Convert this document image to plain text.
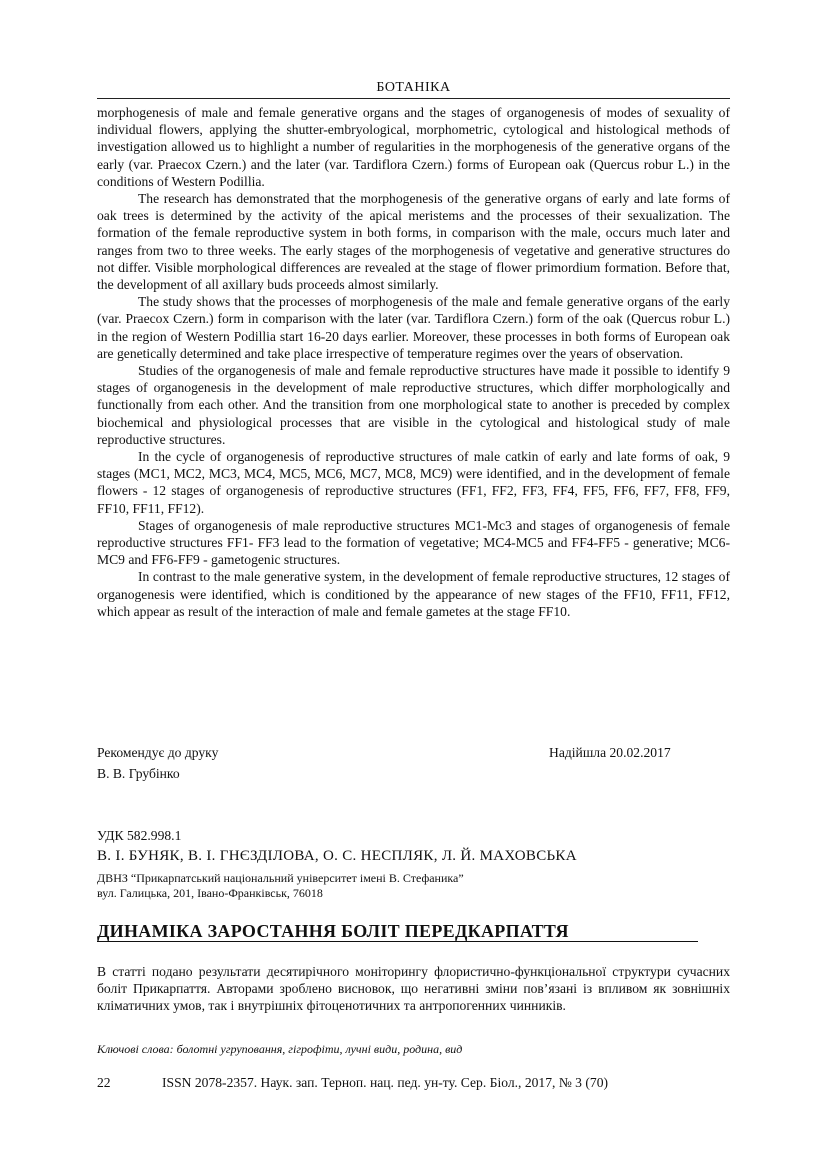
БОТАНІКА

morphogenesis of male and female generative organs and the stages of organogenesis of modes of sexuality of individual flowers, applying the shutter-embryological, morphometric, cytological and histological methods of investigation allowed us to highlight a number of regularities in the morphogenesis of the generative organs of the early (var. Praecox Czern.) and the later (var. Tardiflora Czern.) forms of European oak (Quercus robur L.) in the conditions of Western Podillia.

The research has demonstrated that the morphogenesis of the generative organs of early and late forms of oak trees is determined by the activity of the apical meristems and the processes of their sexualization. The formation of the female reproductive system in both forms, in comparison with the male, occurs much later and ranges from two to three weeks. The early stages of the morphogenesis of vegetative and generative structures do not differ. Visible morphological differences are revealed at the stage of flower primordium formation. Before that, the development of all axillary buds proceeds almost similarly.

The study shows that the processes of morphogenesis of the male and female generative organs of the early (var. Praecox Czern.) form in comparison with the later (var. Tardiflora Czern.) form of the oak (Quercus robur L.) in the region of Western Podillia start 16-20 days earlier. Moreover, these processes in both forms of European oak are genetically determined and take place irrespective of temperature regimes over the years of observation.

Studies of the organogenesis of male and female reproductive structures have made it possible to identify 9 stages of organogenesis in the development of male reproductive structures, which differ morphologically and functionally from each other. And the transition from one morphological state to another is preceded by complex biochemical and physiological processes that are visible in the cytological and histological study of male reproductive structures.

In the cycle of organogenesis of reproductive structures of male catkin of early and late forms of oak, 9 stages (MC1, MC2, MC3, MC4, MC5, MC6, MC7, MC8, MC9) were identified, and in the development of female flowers - 12 stages of organogenesis of reproductive structures (FF1, FF2, FF3, FF4, FF5, FF6, FF7, FF8, FF9, FF10, FF11, FF12).

Stages of organogenesis of male reproductive structures MC1-Mc3 and stages of organogenesis of female reproductive structures FF1- FF3 lead to the formation of vegetative; MC4-MC5 and FF4-FF5 - generative; MC6-MC9 and FF6-FF9 - gametogenic structures.

In contrast to the male generative system, in the development of female reproductive structures, 12 stages of organogenesis were identified, which is conditioned by the appearance of new stages of the FF10, FF11, FF12, which appear as result of the interaction of male and female gametes at the stage FF10.

Рекомендує до друку	Надійшла 20.02.2017
В. В. Грубінко
УДК 582.998.1
В. І. БУНЯК, В. І. ГНЄЗДІЛОВА, О. С. НЕСПЛЯК, Л. Й. МАХОВСЬКА
ДВНЗ “Прикарпатський національний університет імені В. Стефаника”
вул. Галицька, 201, Івано-Франківськ, 76018
ДИНАМІКА ЗАРОСТАННЯ БОЛІТ ПЕРЕДКАРПАТТЯ
В статті подано результати десятирічного моніторингу флористично-функціональної структури сучасних боліт Прикарпаття. Авторами зроблено висновок, що негативні зміни пов’язані із впливом як зовнішніх кліматичних умов, так і внутрішніх фітоценотичних та антропогенних чинників.
Ключові слова: болотні угруповання, гігрофіти, лучні види, родина, вид
22	ISSN 2078-2357. Наук. зап. Терноп. нац. пед. ун-ту. Сер. Біол., 2017, № 3 (70)
